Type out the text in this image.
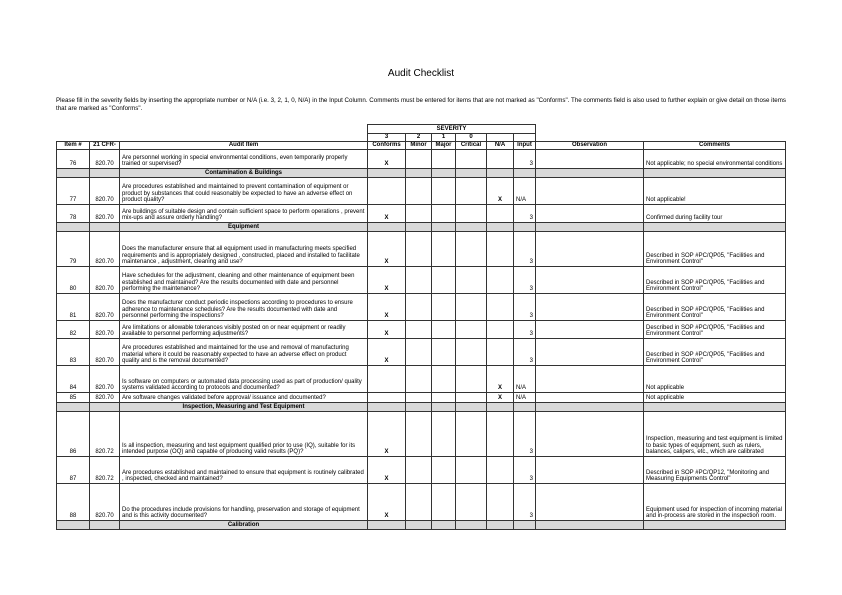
Audit Checklist
Please fill in the severity fields by inserting the appropriate number or N/A (i.e. 3, 2, 1, 0, N/A) in the Input Column. Comments must be entered for items that are not marked as "Conforms". The comments field is also used to further explain or give detail on those items that are marked as "Conforms".
			SEVERITY							
			3	2	1	0				
Item #	21 CFR-	Audit Item	Conforms	Minor	Major	Critical	N/A	Input	Observation	Comments
76	820.70	Are personnel working in special environmental conditions, even temporarily properly trained or supervised?	X					3		Not applicable; no special environmental conditions
		Contamination & Buildings								
77	820.70	Are procedures established and maintained to prevent contamination of equipment or product by substances that could reasonably be expected to have an adverse effect on product quality?					X	N/A		Not applicable!
78	820.70	Are buildings of suitable design and contain sufficient space to perform operations , prevent mix-ups and assure orderly handling?	X					3		Confirmed during facility tour
		Equipment								
79	820.70	Does the manufacturer ensure that all equipment used in manufacturing meets specified requirements and is appropriately designed , constructed, placed and installed to facilitate maintenance , adjustment, cleaning and use?	X					3		Described in SOP #PC/QP05, "Facilities and Environment Control"
80	820.70	Have schedules for the adjustment, cleaning and other maintenance of equipment been established and maintained? Are the results documented with date and personnel performing the maintenance?	X					3		Described in SOP #PC/QP05, "Facilities and Environment Control"
81	820.70	Does the manufacturer conduct periodic inspections according to procedures to ensure adherence to maintenance schedules? Are the results documented with date and personnel performing the inspections?	X					3		Described in SOP #PC/QP05, "Facilities and Environment Control"
82	820.70	Are limitations or allowable tolerances visibly posted on or near equipment or readily available to personnel performing adjustments?	X					3		Described in SOP #PC/QP05, "Facilities and Environment Control"
83	820.70	Are procedures established and maintained for the use and removal of manufacturing material where it could be reasonably expected to have an adverse effect on product quality and is the removal documented?	X					3		Described in SOP #PC/QP05, "Facilities and Environment Control"
84	820.70	Is software on computers or automated data processing used as part of production/ quality systems validated according to protocols and documented?					X	N/A		Not applicable
85	820.70	Are software changes validated before approval/ issuance and documented?					X	N/A		Not applicable
		Inspection, Measuring and Test Equipment								
86	820.72	Is all inspection, measuring and test equipment qualified prior to use (IQ), suitable for its intended purpose (OQ) and capable of producing valid results (PQ)?	X					3		Inspection, measuring and test equipment is limited to basic types of equipment, such as rulers, balances, calipers, etc., which are calibrated
87	820.72	Are procedures established and maintained to ensure that equipment is routinely calibrated , inspected, checked and maintained?	X					3		Described in SOP #PC/QP12, "Monitoring and Measuring Equipments Control"
88	820.70	Do the procedures include provisions for handling, preservation and storage of equipment and is this activity documented?	X					3		Equipment used for inspection of incoming material and in-process are stored in the inspection room.
		Calibration								
